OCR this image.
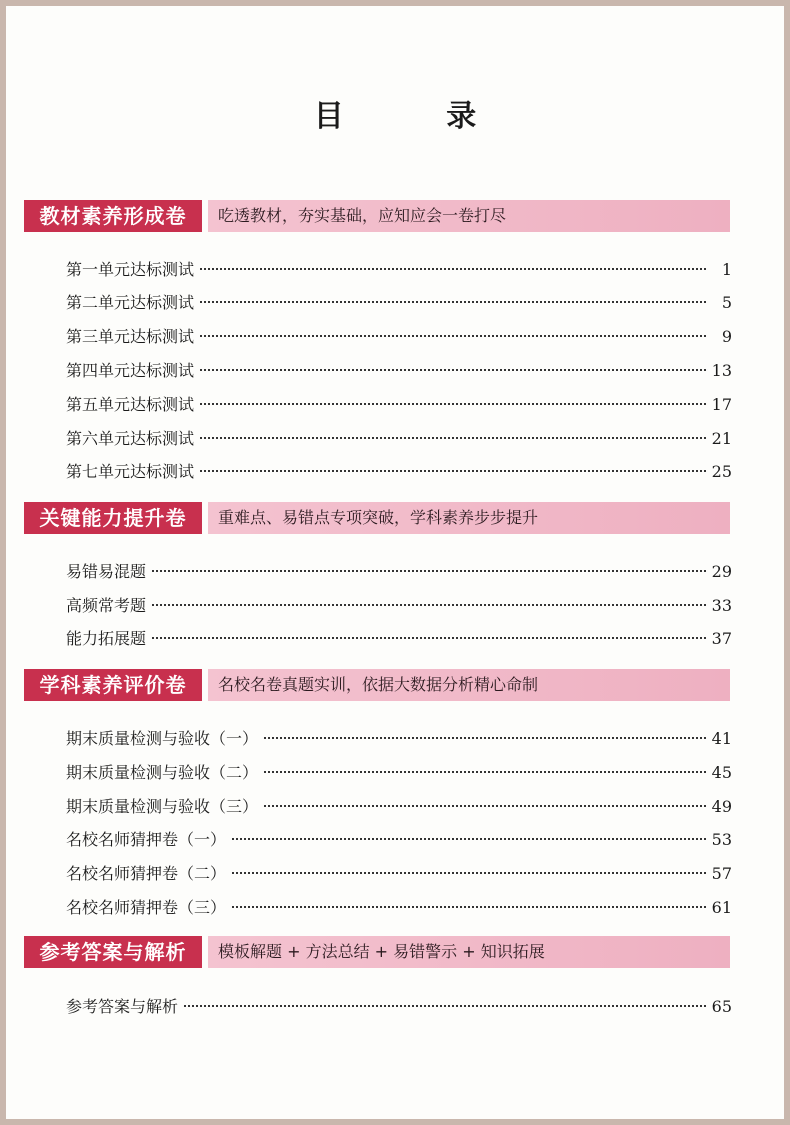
目 录
教材素养形成卷	吃透教材，夯实基础，应知应会一卷打尽
第一单元达标测试	1
第二单元达标测试	5
第三单元达标测试	9
第四单元达标测试	13
第五单元达标测试	17
第六单元达标测试	21
第七单元达标测试	25
关键能力提升卷	重难点、易错点专项突破，学科素养步步提升
易错易混题	29
高频常考题	33
能力拓展题	37
学科素养评价卷	名校名卷真题实训，依据大数据分析精心命制
期末质量检测与验收（一）	41
期末质量检测与验收（二）	45
期末质量检测与验收（三）	49
名校名师猜押卷（一）	53
名校名师猜押卷（二）	57
名校名师猜押卷（三）	61
参考答案与解析	模板解题 + 方法总结 + 易错警示 + 知识拓展
参考答案与解析	65
